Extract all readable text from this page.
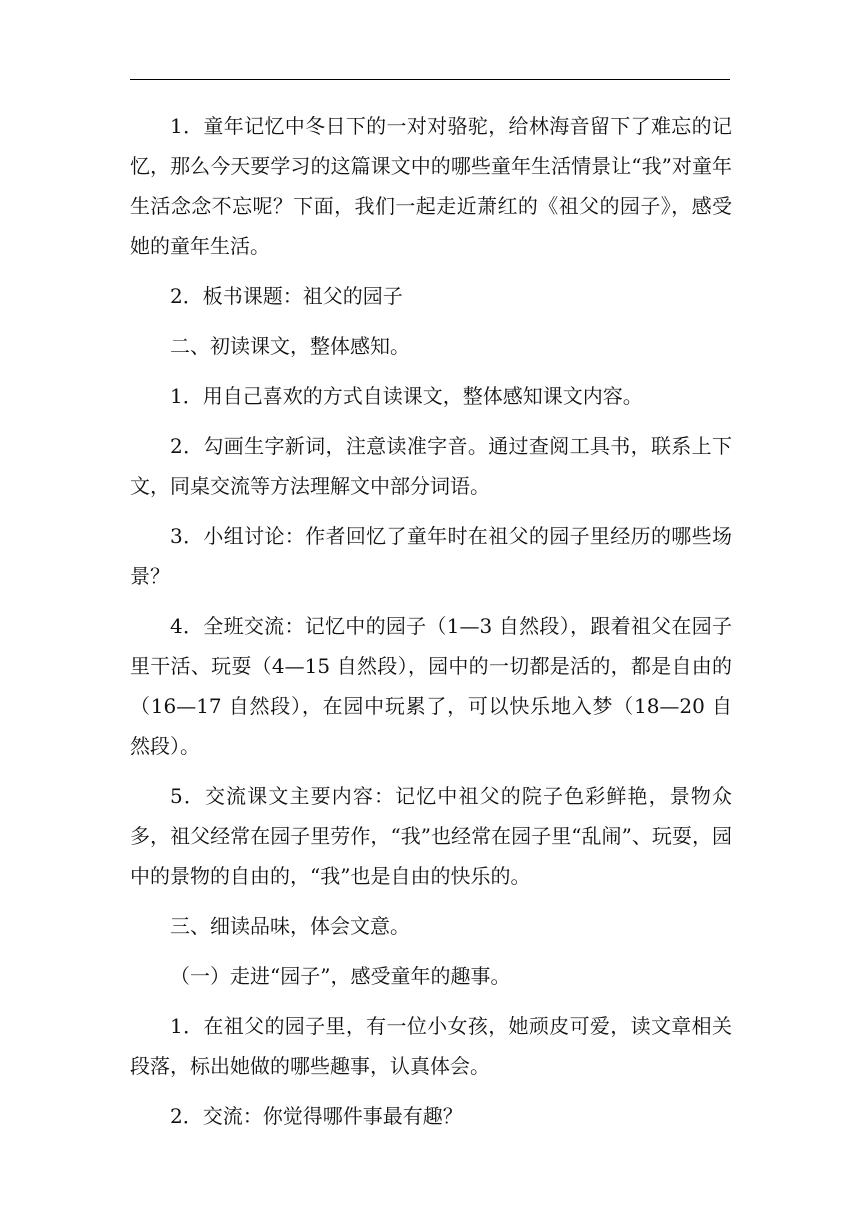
1．童年记忆中冬日下的一对对骆驼，给林海音留下了难忘的记忆，那么今天要学习的这篇课文中的哪些童年生活情景让“我”对童年生活念念不忘呢？下面，我们一起走近萧红的《祖父的园子》，感受她的童年生活。

2．板书课题：祖父的园子

二、初读课文，整体感知。

1．用自己喜欢的方式自读课文，整体感知课文内容。

2．勾画生字新词，注意读准字音。通过查阅工具书，联系上下文，同桌交流等方法理解文中部分词语。

3．小组讨论：作者回忆了童年时在祖父的园子里经历的哪些场景？

4．全班交流：记忆中的园子（1—3 自然段），跟着祖父在园子里干活、玩耍（4—15 自然段），园中的一切都是活的，都是自由的（16—17 自然段），在园中玩累了，可以快乐地入梦（18—20 自然段）。

5．交流课文主要内容：记忆中祖父的院子色彩鲜艳，景物众多，祖父经常在园子里劳作，“我”也经常在园子里“乱闹”、玩耍，园中的景物的自由的，“我”也是自由的快乐的。

三、细读品味，体会文意。

（一）走进“园子”，感受童年的趣事。

1．在祖父的园子里，有一位小女孩，她顽皮可爱，读文章相关段落，标出她做的哪些趣事，认真体会。

2．交流：你觉得哪件事最有趣？
